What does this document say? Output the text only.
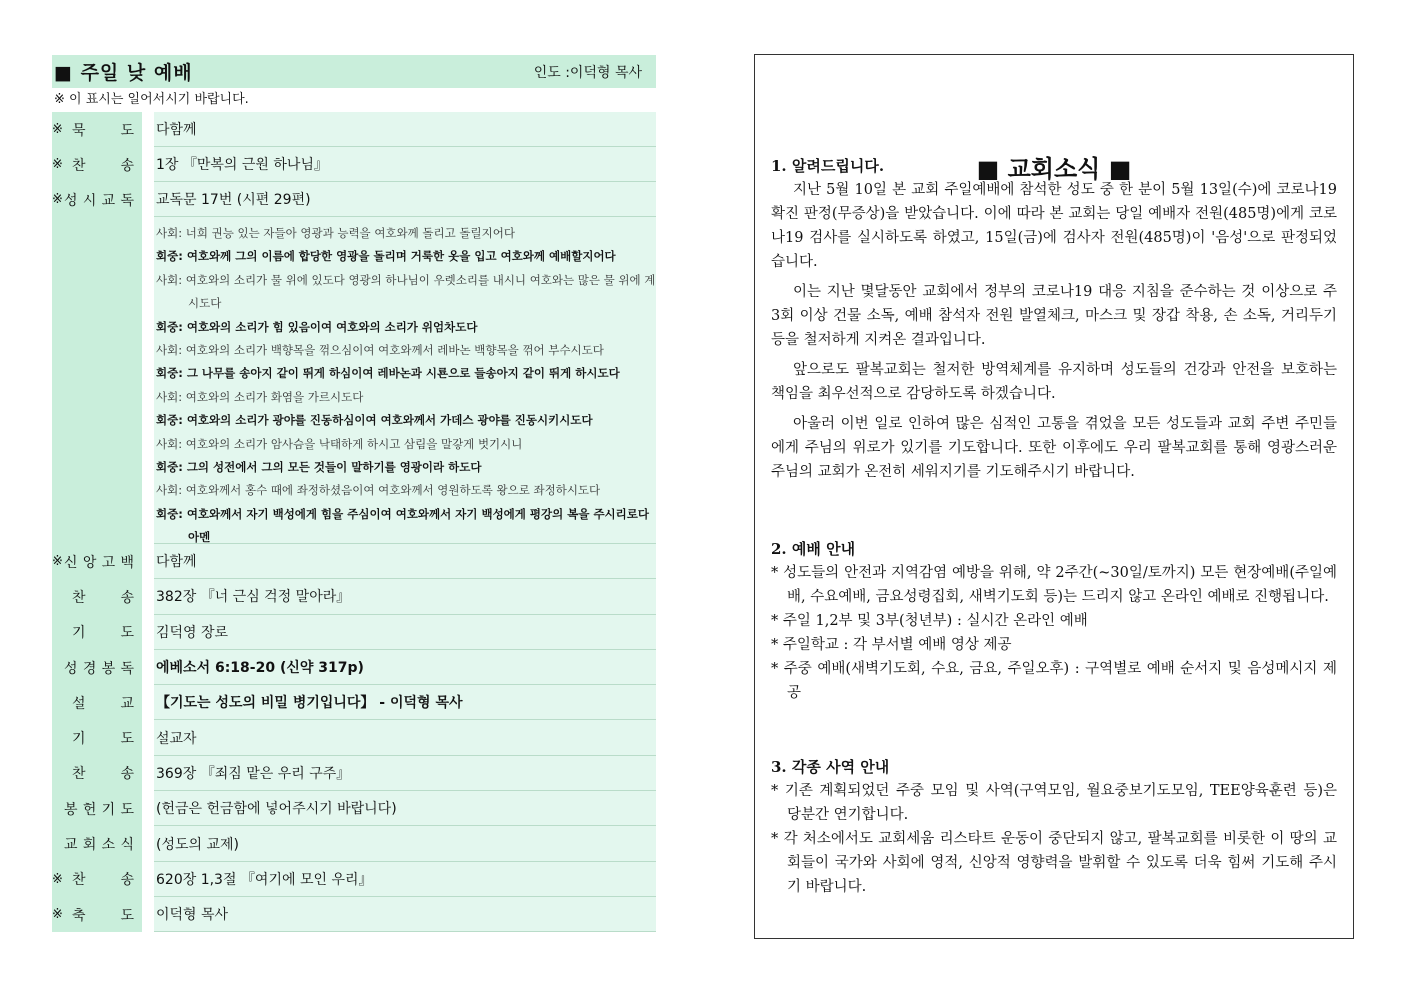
■ 주일 낮 예배	인도 :이덕형 목사
※ 이 표시는 일어서시기 바랍니다.
※ 묵 도 다함께
※ 찬 송 1장 『만복의 근원 하나님』
※ 성 시 교 독 교독문 17번 (시편 29편)
사회: 너희 권능 있는 자들아 영광과 능력을 여호와께 돌리고 돌릴지어다
회중: 여호와께 그의 이름에 합당한 영광을 돌리며 거룩한 옷을 입고 여호와께 예배할지어다
사회: 여호와의 소리가 물 위에 있도다 영광의 하나님이 우렛소리를 내시니 여호와는 많은 물 위에 계시도다
회중: 여호와의 소리가 힘 있음이여 여호와의 소리가 위엄차도다
사회: 여호와의 소리가 백향목을 꺾으심이여 여호와께서 레바논 백향목을 꺾어 부수시도다
회중: 그 나무를 송아지 같이 뛰게 하심이여 레바논과 시룐으로 들송아지 같이 뛰게 하시도다
사회: 여호와의 소리가 화염을 가르시도다
회중: 여호와의 소리가 광야를 진동하심이여 여호와께서 가데스 광야를 진동시키시도다
사회: 여호와의 소리가 암사슴을 낙태하게 하시고 삼림을 말갛게 벗기시니
회중: 그의 성전에서 그의 모든 것들이 말하기를 영광이라 하도다
사회: 여호와께서 홍수 때에 좌정하셨음이여 여호와께서 영원하도록 왕으로 좌정하시도다
회중: 여호와께서 자기 백성에게 힘을 주심이여 여호와께서 자기 백성에게 평강의 복을 주시리로다 아멘
※ 신 앙 고 백 다함께
찬 송 382장 『너 근심 걱정 말아라』
기 도 김덕영 장로
성 경 봉 독 에베소서 6:18-20 (신약 317p)
설 교 【기도는 성도의 비밀 병기입니다】 - 이덕형 목사
기 도 설교자
찬 송 369장 『죄짐 맡은 우리 구주』
봉 헌 기 도 (헌금은 헌금함에 넣어주시기 바랍니다)
교 회 소 식 (성도의 교제)
※ 찬 송 620장 1,3절 『여기에 모인 우리』
※ 축 도 이덕형 목사
■ 교회소식 ■
1. 알려드립니다.
지난 5월 10일 본 교회 주일예배에 참석한 성도 중 한 분이 5월 13일(수)에 코로나19 확진 판정(무증상)을 받았습니다. 이에 따라 본 교회는 당일 예배자 전원(485명)에게 코로나19 검사를 실시하도록 하였고, 15일(금)에 검사자 전원(485명)이 '음성'으로 판정되었습니다.
이는 지난 몇달동안 교회에서 정부의 코로나19 대응 지침을 준수하는 것 이상으로 주 3회 이상 건물 소독, 예배 참석자 전원 발열체크, 마스크 및 장갑 착용, 손 소독, 거리두기 등을 철저하게 지켜온 결과입니다.
앞으로도 팔복교회는 철저한 방역체계를 유지하며 성도들의 건강과 안전을 보호하는 책임을 최우선적으로 감당하도록 하겠습니다.
아울러 이번 일로 인하여 많은 심적인 고통을 겪었을 모든 성도들과 교회 주변 주민들에게 주님의 위로가 있기를 기도합니다. 또한 이후에도 우리 팔복교회를 통해 영광스러운 주님의 교회가 온전히 세워지기를 기도해주시기 바랍니다.
2. 예배 안내
* 성도들의 안전과 지역감염 예방을 위해, 약 2주간(~30일/토까지) 모든 현장예배(주일예배, 수요예배, 금요성령집회, 새벽기도회 등)는 드리지 않고 온라인 예배로 진행됩니다.
* 주일 1,2부 및 3부(청년부) : 실시간 온라인 예배
* 주일학교 : 각 부서별 예배 영상 제공
* 주중 예배(새벽기도회, 수요, 금요, 주일오후) : 구역별로 예배 순서지 및 음성메시지 제공
3. 각종 사역 안내
* 기존 계획되었던 주중 모임 및 사역(구역모임, 월요중보기도모임, TEE양육훈련 등)은 당분간 연기합니다.
* 각 처소에서도 교회세움 리스타트 운동이 중단되지 않고, 팔복교회를 비롯한 이 땅의 교회들이 국가와 사회에 영적, 신앙적 영향력을 발휘할 수 있도록 더욱 힘써 기도해 주시기 바랍니다.
